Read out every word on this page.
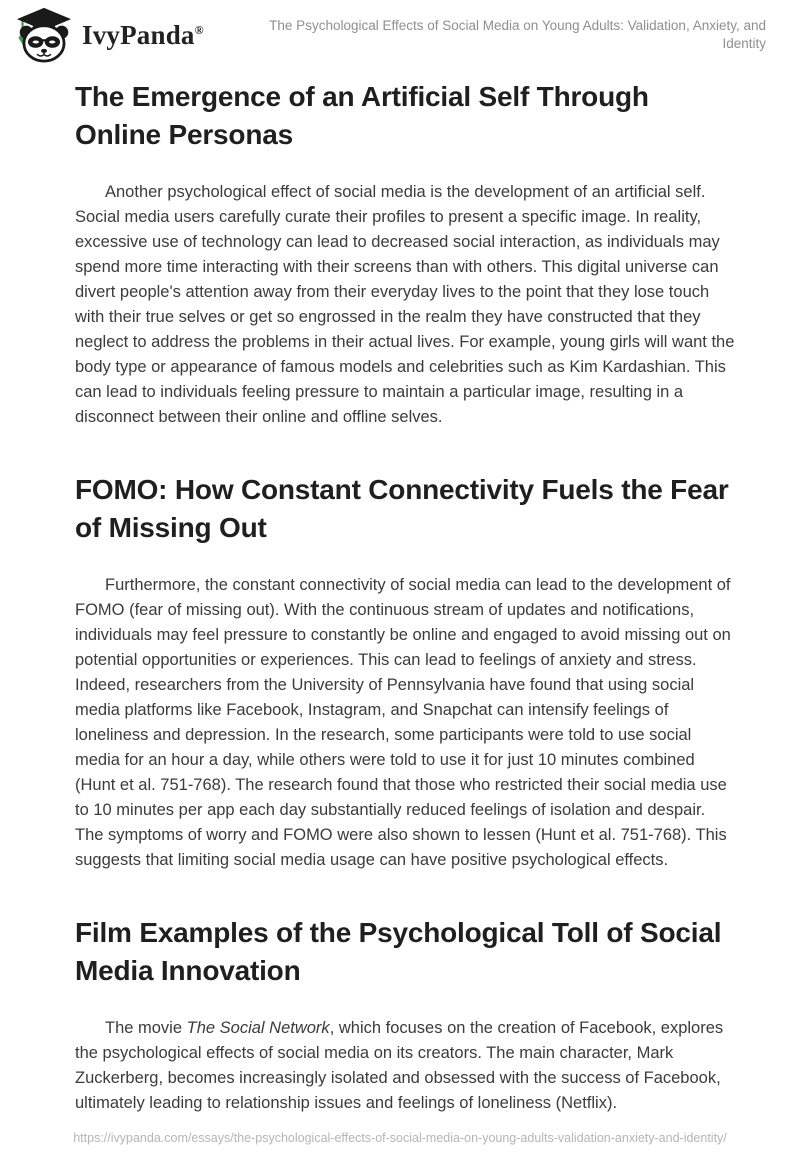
IvyPanda®	The Psychological Effects of Social Media on Young Adults: Validation, Anxiety, and Identity
The Emergence of an Artificial Self Through Online Personas

Another psychological effect of social media is the development of an artificial self. Social media users carefully curate their profiles to present a specific image. In reality, excessive use of technology can lead to decreased social interaction, as individuals may spend more time interacting with their screens than with others. This digital universe can divert people's attention away from their everyday lives to the point that they lose touch with their true selves or get so engrossed in the realm they have constructed that they neglect to address the problems in their actual lives. For example, young girls will want the body type or appearance of famous models and celebrities such as Kim Kardashian. This can lead to individuals feeling pressure to maintain a particular image, resulting in a disconnect between their online and offline selves.

FOMO: How Constant Connectivity Fuels the Fear of Missing Out

Furthermore, the constant connectivity of social media can lead to the development of FOMO (fear of missing out). With the continuous stream of updates and notifications, individuals may feel pressure to constantly be online and engaged to avoid missing out on potential opportunities or experiences. This can lead to feelings of anxiety and stress. Indeed, researchers from the University of Pennsylvania have found that using social media platforms like Facebook, Instagram, and Snapchat can intensify feelings of loneliness and depression. In the research, some participants were told to use social media for an hour a day, while others were told to use it for just 10 minutes combined (Hunt et al. 751-768). The research found that those who restricted their social media use to 10 minutes per app each day substantially reduced feelings of isolation and despair. The symptoms of worry and FOMO were also shown to lessen (Hunt et al. 751-768). This suggests that limiting social media usage can have positive psychological effects.

Film Examples of the Psychological Toll of Social Media Innovation

The movie The Social Network, which focuses on the creation of Facebook, explores the psychological effects of social media on its creators. The main character, Mark Zuckerberg, becomes increasingly isolated and obsessed with the success of Facebook, ultimately leading to relationship issues and feelings of loneliness (Netflix).

https://ivypanda.com/essays/the-psychological-effects-of-social-media-on-young-adults-validation-anxiety-and-identity/
